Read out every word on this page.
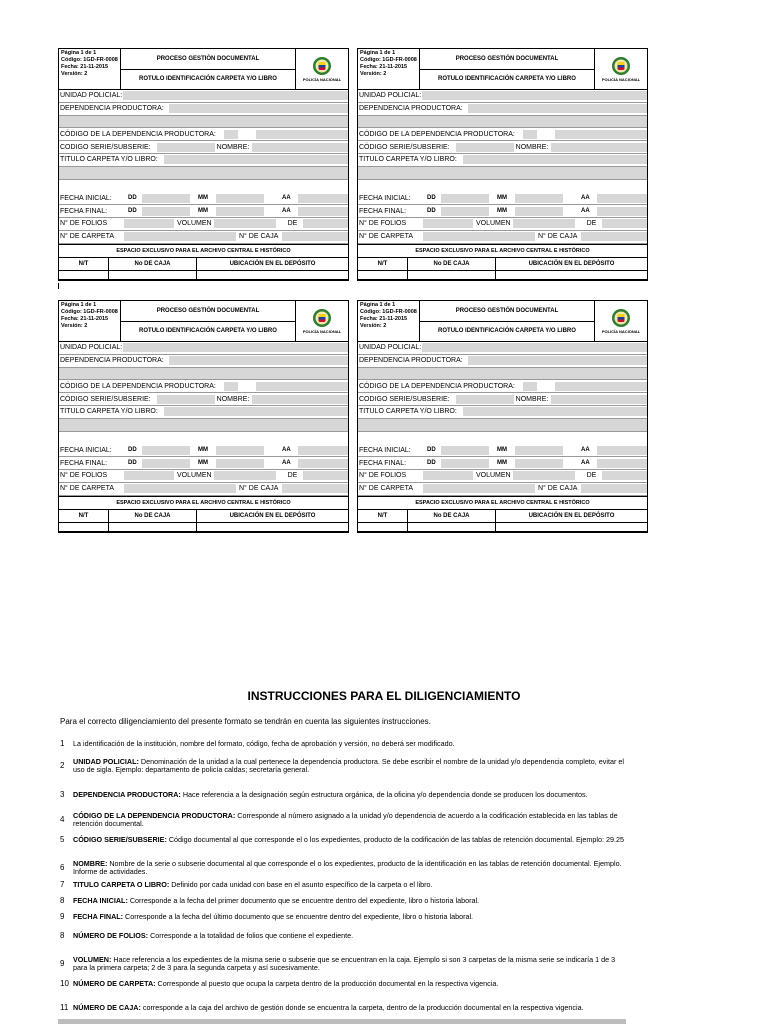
Página 1 de 1
Código: 1GD-FR-0008
Fecha: 21-11-2015
Versión: 2
PROCESO GESTIÓN DOCUMENTAL
ROTULO IDENTIFICACIÓN CARPETA Y/O LIBRO	POLICÍA NACIONAL
UNIDAD POLICIAL:
DEPENDENCIA PRODUCTORA:
CÓDIGO DE LA DEPENDENCIA PRODUCTORA:
CODIGO SERIE/SUBSERIE:	NOMBRE:
TITULO CARPETA Y/O LIBRO:
FECHA INICIAL:	DD	MM	AA
FECHA FINAL:	DD	MM	AA
N° DE FOLIOS	VOLUMEN	DE
N° DE CARPETA	N° DE CAJA
ESPACIO EXCLUSIVO PARA EL ARCHIVO CENTRAL E HISTÓRICO
N/T	No DE CAJA	UBICACIÓN EN EL DEPÓSITO
Página 1 de 1
Código: 1GD-FR-0008
Fecha: 21-11-2015
Versión: 2
PROCESO GESTIÓN DOCUMENTAL
ROTULO IDENTIFICACIÓN CARPETA Y/O LIBRO	POLICÍA NACIONAL
UNIDAD POLICIAL:
DEPENDENCIA PRODUCTORA:
CÓDIGO DE LA DEPENDENCIA PRODUCTORA:
CÓDIGO SERIE/SUBSERIE:	NOMBRE:
TITULO CARPETA Y/O LIBRO:
FECHA INICIAL:	DD	MM	AA
FECHA FINAL:	DD	MM	AA
N° DE FOLIOS	VOLUMEN	DE
N° DE CARPETA	N° DE CAJA
ESPACIO EXCLUSIVO PARA EL ARCHIVO CENTRAL E HISTÓRICO
N/T	No DE CAJA	UBICACIÓN EN EL DEPÓSITO
Página 1 de 1
Código: 1GD-FR-0008
Fecha: 21-11-2015
Versión: 2
PROCESO GESTIÓN DOCUMENTAL
ROTULO IDENTIFICACIÓN CARPETA Y/O LIBRO	POLICÍA NACIONAL
UNIDAD POLICIAL:
DEPENDENCIA PRODUCTORA:
CÓDIGO DE LA DEPENDENCIA PRODUCTORA:
CÓDIGO SERIE/SUBSERIE:	NOMBRE:
TITULO CARPETA Y/O LIBRO:
FECHA INICIAL:	DD	MM	AA
FECHA FINAL:	DD	MM	AA
N° DE FOLIOS	VOLUMEN	DE
N° DE CARPETA	N° DE CAJA
ESPACIO EXCLUSIVO PARA EL ARCHIVO CENTRAL E HISTÓRICO
N/T	No DE CAJA	UBICACIÓN EN EL DEPÓSITO
Página 1 de 1
Código: 1GD-FR-0008
Fecha: 21-11-2015
Versión: 2
PROCESO GESTIÓN DOCUMENTAL
ROTULO IDENTIFICACIÓN CARPETA Y/O LIBRO	POLICÍA NACIONAL
UNIDAD POLICIAL:
DEPENDENCIA PRODUCTORA:
CÓDIGO DE LA DEPENDENCIA PRODUCTORA:
CODIGO SERIE/SUBSERIE:	NOMBRE:
TITULO CARPETA Y/O LIBRO:
FECHA INICIAL:	DD	MM	AA
FECHA FINAL:	DD	MM	AA
N° DE FOLIOS	VOLUMEN	DE
N° DE CARPETA	N° DE CAJA
ESPACIO EXCLUSIVO PARA EL ARCHIVO CENTRAL E HISTÓRICO
N/T	No DE CAJA	UBICACIÓN EN EL DEPÓSITO
INSTRUCCIONES PARA EL DILIGENCIAMIENTO
Para el correcto diligenciamiento del presente formato se tendrán en cuenta las siguientes instrucciones.
1	La identificación de la institución, nombre del formato, código, fecha de aprobación y versión, no deberá ser modificado.
2	UNIDAD POLICIAL: Denominación de la unidad a la cual pertenece la dependencia productora. Se debe escribir el nombre de la unidad y/o dependencia completo, evitar el uso de sigla. Ejemplo: departamento de policía caldas; secretaría general.
3	DEPENDENCIA PRODUCTORA: Hace referencia a la designación según estructura orgánica, de la oficina y/o dependencia donde se producen los documentos.
4	CÓDIGO DE LA DEPENDENCIA PRODUCTORA: Corresponde al número asignado a la unidad y/o dependencia de acuerdo a la codificación establecida en las tablas de retención documental.
5	CÓDIGO SERIE/SUBSERIE: Código documental al que corresponde el o los expedientes, producto de la codificación de las tablas de retención documental. Ejemplo: 29.25
6	NOMBRE: Nombre de la serie o subserie documental al que corresponde el o los expedientes, producto de la identificación en las tablas de retención documental. Ejemplo. Informe de actividades.
7	TITULO CARPETA O LIBRO: Definido por cada unidad con base en el asunto específico de la carpeta o el libro.
8	FECHA INICIAL: Corresponde a la fecha del primer documento que se encuentre dentro del expediente, libro o historia laboral.
9	FECHA FINAL: Corresponde a la fecha del último documento que se encuentre dentro del expediente, libro o historia laboral.
8	NÚMERO DE FOLIOS: Corresponde a la totalidad de folios que contiene el expediente.
9	VOLUMEN: Hace referencia a los expedientes de la misma serie o subserie que se encuentran en la caja. Ejemplo si son 3 carpetas de la misma serie se indicaría 1 de 3 para la primera carpeta; 2 de 3 para la segunda carpeta y así sucesivamente.
10 NÚMERO DE CARPETA: Corresponde al puesto que ocupa la carpeta dentro de la producción documental en la respectiva vigencia.
11 NÚMERO DE CAJA: corresponde a la caja del archivo de gestión donde se encuentra la carpeta, dentro de la producción documental en la respectiva vigencia.
